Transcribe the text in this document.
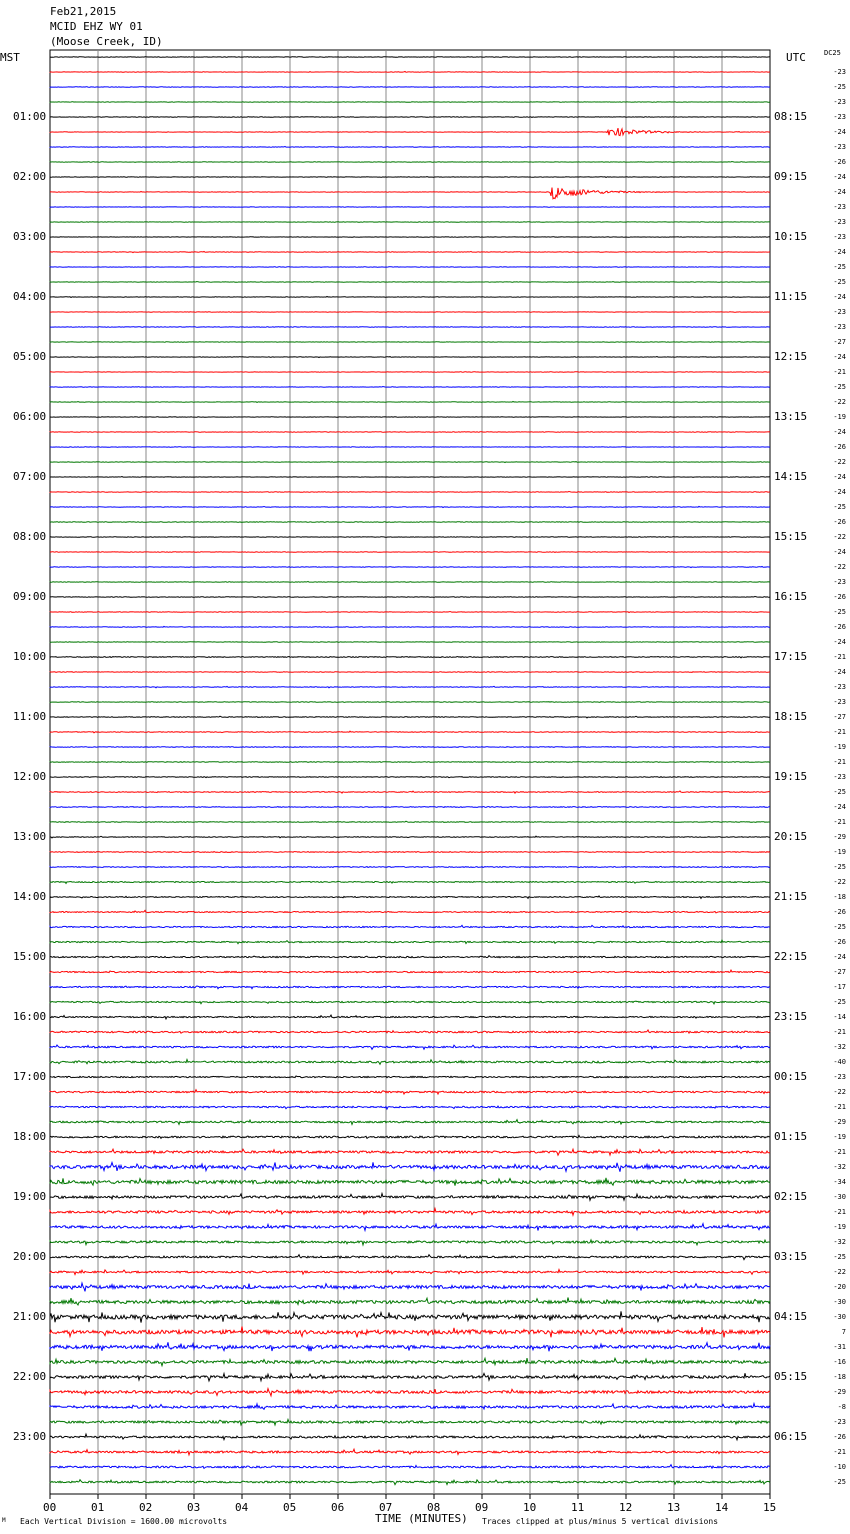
Feb21,2015
MCID EHZ WY 01
(Moose Creek, ID)
MST	UTC	DC25
01:00
02:00
03:00
04:00
05:00
06:00
07:00
08:00
09:00
10:00
11:00
12:00
13:00
14:00
15:00
16:00
17:00
18:00
19:00
20:00
21:00
22:00
23:00
08:15
09:15
10:15
11:15
12:15
13:15
14:15
15:15
16:15
17:15
18:15
19:15
20:15
21:15
22:15
23:15
00:15
01:15
02:15
03:15
04:15
05:15
06:15
-23
-25
-23
-23
-24
-23
-26
-24
-24
-23
-23
-23
-24
-25
-25
-24
-23
-23
-27
-24
-21
-25
-22
-19
-24
-26
-22
-24
-24
-25
-26
-22
-24
-22
-23
-26
-25
-26
-24
-21
-24
-23
-23
-27
-21
-19
-21
-23
-25
-24
-21
-29
-19
-25
-22
-18
-26
-25
-26
-24
-27
-17
-25
-14
-21
-32
-40
-23
-22
-21
-29
-19
-21
-32
-34
-30
-21
-19
-32
-25
-22
-20
-30
-30
7
-31
-16
-18
-29
-8
-23
-26
-21
-10
-25
00	01	02	03	04	05	06	07	08	09	10	11	12	13	14	15
TIME (MINUTES)
M Each Vertical Division = 1600.00 microvolts	Traces clipped at plus/minus 5 vertical divisions
